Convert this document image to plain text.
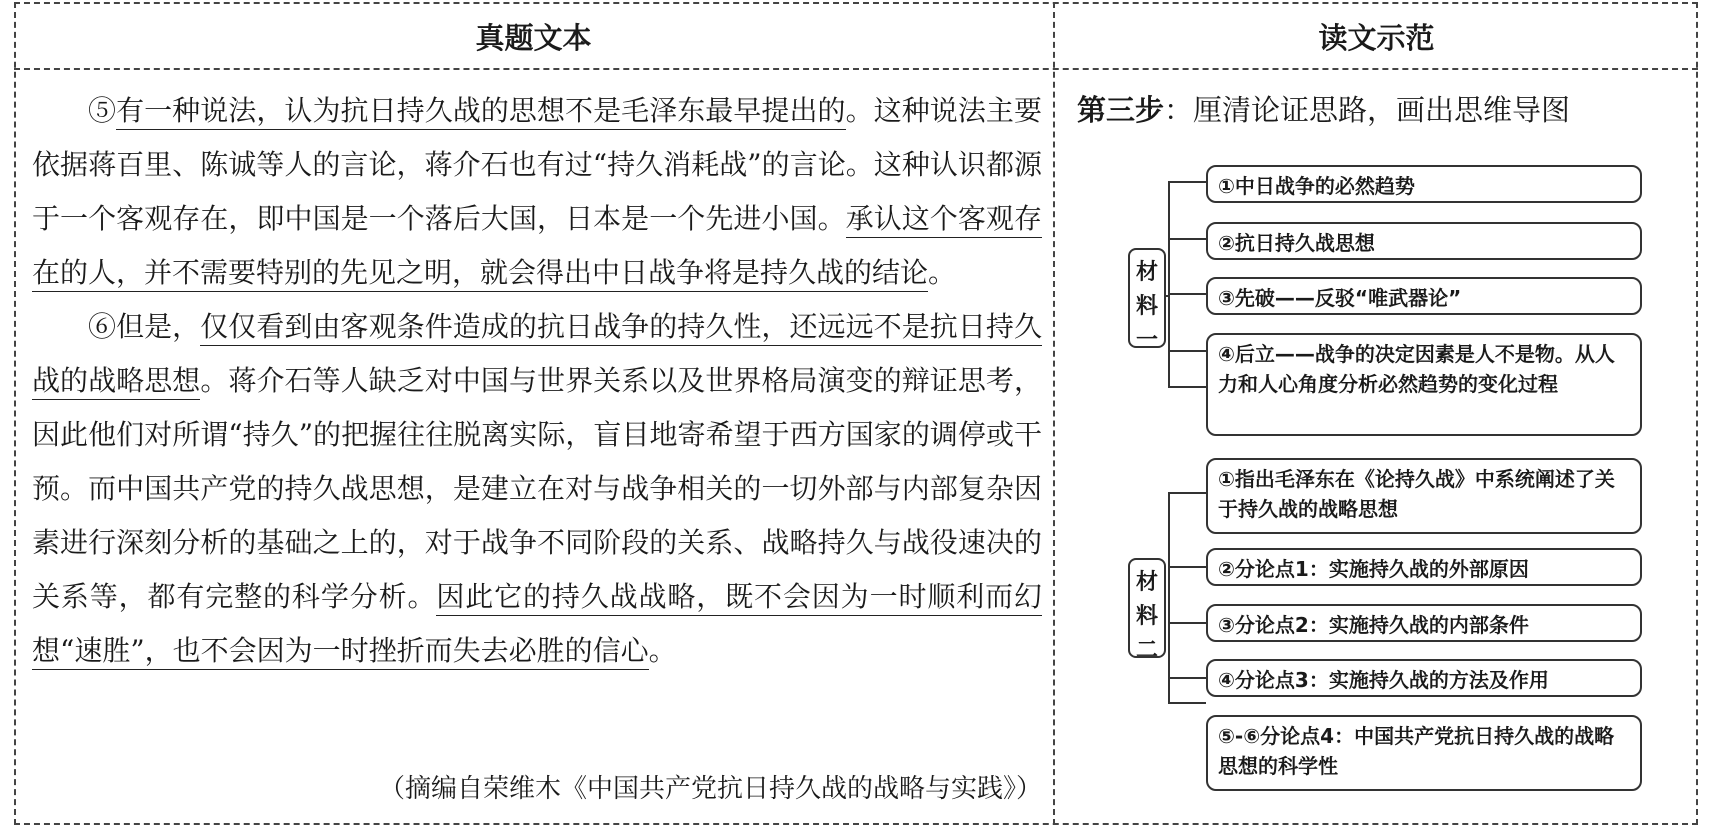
真题文本	读文示范

⑤有一种说法，认为抗日持久战的思想不是毛泽东最早提出的。这种说法主要依据蒋百里、陈诚等人的言论，蒋介石也有过“持久消耗战”的言论。这种认识都源于一个客观存在，即中国是一个落后大国，日本是一个先进小国。承认这个客观存在的人，并不需要特别的先见之明，就会得出中日战争将是持久战的结论。

⑥但是，仅仅看到由客观条件造成的抗日战争的持久性，还远远不是抗日持久战的战略思想。蒋介石等人缺乏对中国与世界关系以及世界格局演变的辩证思考，因此他们对所谓“持久”的把握往往脱离实际，盲目地寄希望于西方国家的调停或干预。而中国共产党的持久战思想，是建立在对与战争相关的一切外部与内部复杂因素进行深刻分析的基础之上的，对于战争不同阶段的关系、战略持久与战役速决的关系等，都有完整的科学分析。因此它的持久战战略，既不会因为一时顺利而幻想“速胜”，也不会因为一时挫折而失去必胜的信心。

（摘编自荣维木《中国共产党抗日持久战的战略与实践》）
第三步：厘清论证思路，画出思维导图
材料一
①中日战争的必然趋势
②抗日持久战思想
③先破——反驳“唯武器论”
④后立——战争的决定因素是人不是物。从人力和人心角度分析必然趋势的变化过程
材料二
①指出毛泽东在《论持久战》中系统阐述了关于持久战的战略思想
②分论点1：实施持久战的外部原因
③分论点2：实施持久战的内部条件
④分论点3：实施持久战的方法及作用
⑤-⑥分论点4：中国共产党抗日持久战的战略思想的科学性
